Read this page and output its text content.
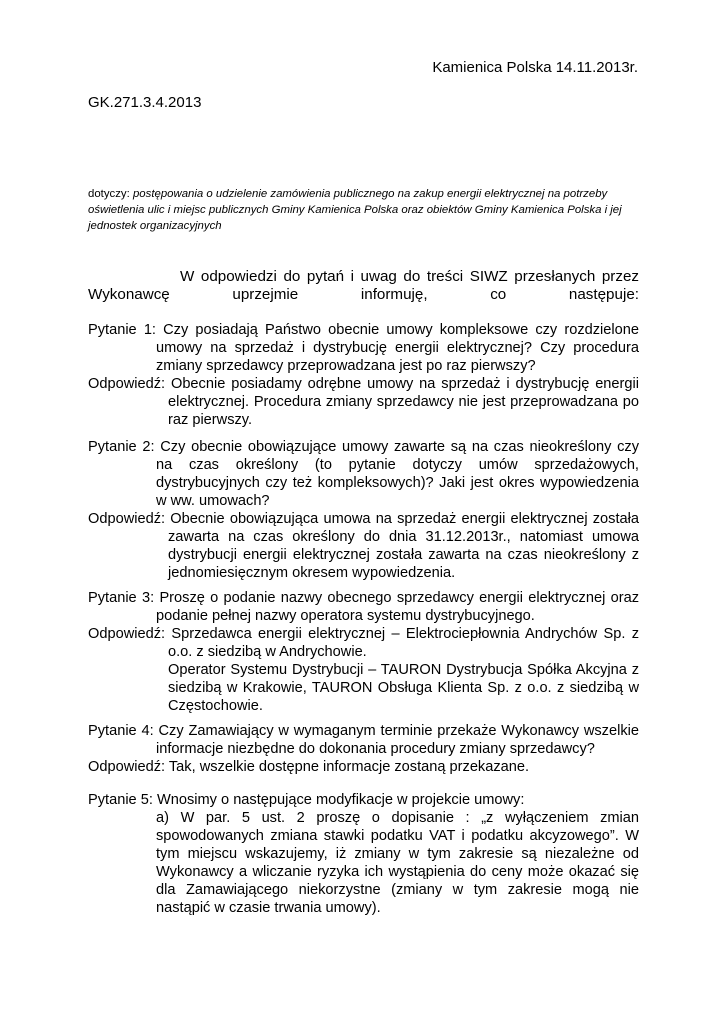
Kamienica Polska 14.11.2013r.
GK.271.3.4.2013
dotyczy: postępowania o udzielenie zamówienia publicznego na zakup energii elektrycznej na potrzeby oświetlenia ulic i miejsc publicznych Gminy Kamienica Polska oraz obiektów Gminy Kamienica Polska i jej jednostek organizacyjnych

W odpowiedzi do pytań i uwag do treści SIWZ przesłanych przez Wykonawcę uprzejmie informuję, co następuje:

Pytanie 1: Czy posiadają Państwo obecnie umowy kompleksowe czy rozdzielone umowy na sprzedaż i dystrybucję energii elektrycznej? Czy procedura zmiany sprzedawcy przeprowadzana jest po raz pierwszy?

Odpowiedź: Obecnie posiadamy odrębne umowy na sprzedaż i dystrybucję energii elektrycznej. Procedura zmiany sprzedawcy nie jest przeprowadzana po raz pierwszy.

Pytanie 2: Czy obecnie obowiązujące umowy zawarte są na czas nieokreślony czy na czas określony (to pytanie dotyczy umów sprzedażowych, dystrybucyjnych czy też kompleksowych)? Jaki jest okres wypowiedzenia w ww. umowach?

Odpowiedź: Obecnie obowiązująca umowa na sprzedaż energii elektrycznej została zawarta na czas określony do dnia 31.12.2013r., natomiast umowa dystrybucji energii elektrycznej została zawarta na czas nieokreślony z jednomiesięcznym okresem wypowiedzenia.

Pytanie 3: Proszę o podanie nazwy obecnego sprzedawcy energii elektrycznej oraz podanie pełnej nazwy operatora systemu dystrybucyjnego.

Odpowiedź: Sprzedawca energii elektrycznej – Elektrociepłownia Andrychów Sp. z o.o. z siedzibą w Andrychowie.

Operator Systemu Dystrybucji – TAURON Dystrybucja Spółka Akcyjna z siedzibą w Krakowie, TAURON Obsługa Klienta Sp. z o.o. z siedzibą w Częstochowie.

Pytanie 4: Czy Zamawiający w wymaganym terminie przekaże Wykonawcy wszelkie informacje niezbędne do dokonania procedury zmiany sprzedawcy?

Odpowiedź: Tak, wszelkie dostępne informacje zostaną przekazane.

Pytanie 5: Wnosimy o następujące modyfikacje w projekcie umowy:

a) W par. 5 ust. 2 proszę o dopisanie : „z wyłączeniem zmian spowodowanych zmiana stawki podatku VAT i podatku akcyzowego”. W tym miejscu wskazujemy, iż zmiany w tym zakresie są niezależne od Wykonawcy a wliczanie ryzyka ich wystąpienia do ceny może okazać się dla Zamawiającego niekorzystne (zmiany w tym zakresie mogą nie nastąpić w czasie trwania umowy).
